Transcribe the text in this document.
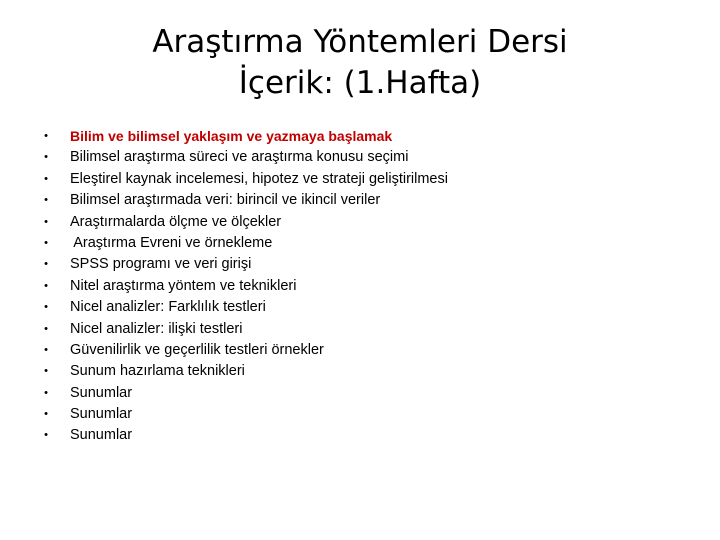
Araştırma Yöntemleri Dersi
İçerik: (1.Hafta)
• Bilim ve bilimsel yaklaşım ve yazmaya başlamak
• Bilimsel araştırma süreci ve araştırma konusu seçimi
• Eleştirel kaynak incelemesi, hipotez ve strateji geliştirilmesi
• Bilimsel araştırmada veri: birincil ve ikincil veriler
• Araştırmalarda ölçme ve ölçekler
• Araştırma Evreni ve örnekleme
• SPSS programı ve veri girişi
• Nitel araştırma yöntem ve teknikleri
• Nicel analizler: Farklılık testleri
• Nicel analizler: ilişki testleri
• Güvenilirlik ve geçerlilik testleri örnekler
• Sunum hazırlama teknikleri
• Sunumlar
• Sunumlar
• Sunumlar
